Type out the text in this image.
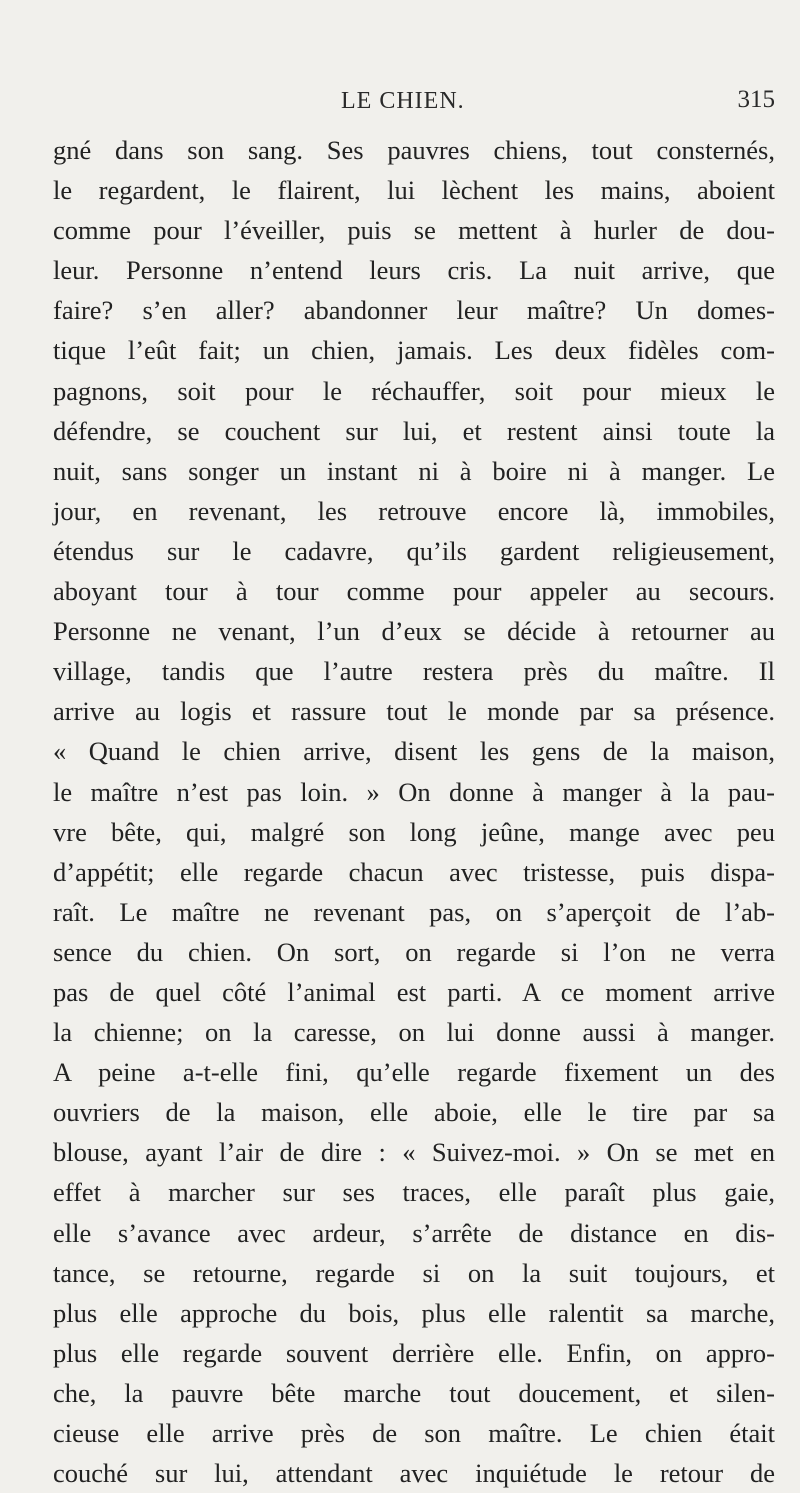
LE CHIEN.	315
gné dans son sang. Ses pauvres chiens, tout consternés,
le regardent, le flairent, lui lèchent les mains, aboient
comme pour l’éveiller, puis se mettent à hurler de dou-
leur. Personne n’entend leurs cris. La nuit arrive, que
faire? s’en aller? abandonner leur maître? Un domes-
tique l’eût fait; un chien, jamais. Les deux fidèles com-
pagnons, soit pour le réchauffer, soit pour mieux le
défendre, se couchent sur lui, et restent ainsi toute la
nuit, sans songer un instant ni à boire ni à manger. Le
jour, en revenant, les retrouve encore là, immobiles,
étendus sur le cadavre, qu’ils gardent religieusement,
aboyant tour à tour comme pour appeler au secours.
Personne ne venant, l’un d’eux se décide à retourner au
village, tandis que l’autre restera près du maître. Il
arrive au logis et rassure tout le monde par sa présence.
« Quand le chien arrive, disent les gens de la maison,
le maître n’est pas loin. » On donne à manger à la pau-
vre bête, qui, malgré son long jeûne, mange avec peu
d’appétit; elle regarde chacun avec tristesse, puis dispa-
raît. Le maître ne revenant pas, on s’aperçoit de l’ab-
sence du chien. On sort, on regarde si l’on ne verra
pas de quel côté l’animal est parti. A ce moment arrive
la chienne; on la caresse, on lui donne aussi à manger.
A peine a-t-elle fini, qu’elle regarde fixement un des
ouvriers de la maison, elle aboie, elle le tire par sa
blouse, ayant l’air de dire : « Suivez-moi. » On se met en
effet à marcher sur ses traces, elle paraît plus gaie,
elle s’avance avec ardeur, s’arrête de distance en dis-
tance, se retourne, regarde si on la suit toujours, et
plus elle approche du bois, plus elle ralentit sa marche,
plus elle regarde souvent derrière elle. Enfin, on appro-
che, la pauvre bête marche tout doucement, et silen-
cieuse elle arrive près de son maître. Le chien était
couché sur lui, attendant avec inquiétude le retour de
